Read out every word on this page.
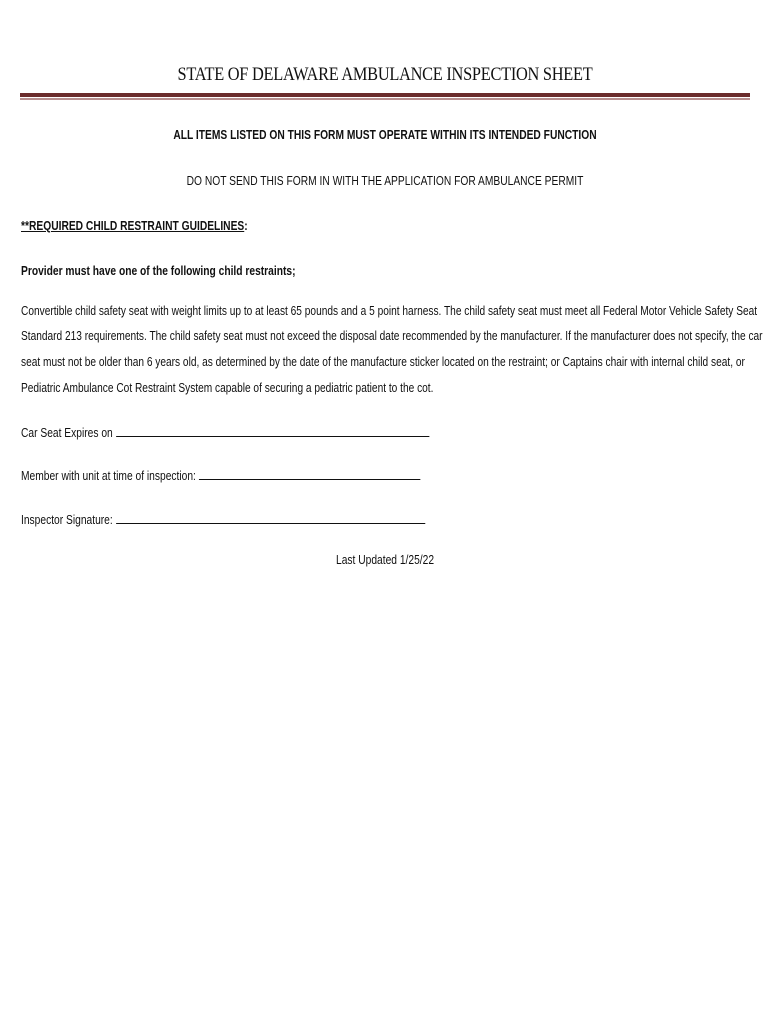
STATE OF DELAWARE AMBULANCE INSPECTION SHEET
ALL ITEMS LISTED ON THIS FORM MUST OPERATE WITHIN ITS INTENDED FUNCTION
DO NOT SEND THIS FORM IN WITH THE APPLICATION FOR AMBULANCE PERMIT
**REQUIRED CHILD RESTRAINT GUIDELINES:
Provider must have one of the following child restraints;
Convertible child safety seat with weight limits up to at least 65 pounds and a 5 point harness. The child safety seat must meet all Federal Motor Vehicle Safety Seat
Standard 213 requirements. The child safety seat must not exceed the disposal date recommended by the manufacturer. If the manufacturer does not specify, the car
seat must not be older than 6 years old, as determined by the date of the manufacture sticker located on the restraint; or Captains chair with internal child seat, or
Pediatric Ambulance Cot Restraint System capable of securing a pediatric patient to the cot.
Car Seat Expires on
Member with unit at time of inspection:
Inspector Signature:
Last Updated 1/25/22
